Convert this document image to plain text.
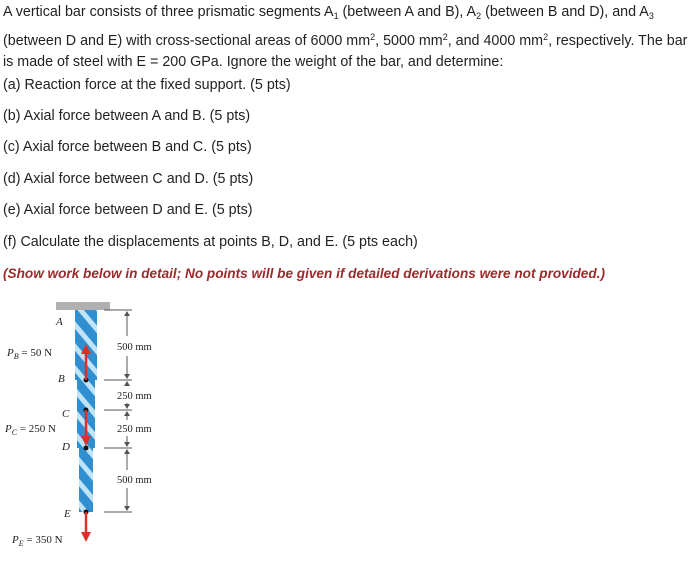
A vertical bar consists of three prismatic segments $A_1$ (between A and B), $A_2$ (between B and D), and $A_3$ (between D and E) with cross-sectional areas of 6000 $mm^2$, 5000 $mm^2$, and 4000 $mm^2$, respectively. The bar is made of steel with E = 200 GPa. Ignore the weight of the bar, and determine:

(a) Reaction force at the fixed support. (5 pts)

(b) Axial force between A and B. (5 pts)

(c) Axial force between B and C. (5 pts)

(d) Axial force between C and D. (5 pts)

(e) Axial force between D and E. (5 pts)

(f) Calculate the displacements at points B, D, and E. (5 pts each)

(Show work below in detail; No points will be given if detailed derivations were not provided.)

A
B
C
D
E
$P_B = 50$ N
$P_C = 250$ N
$P_E = 350$ N
500 mm
250 mm
250 mm
500 mm
